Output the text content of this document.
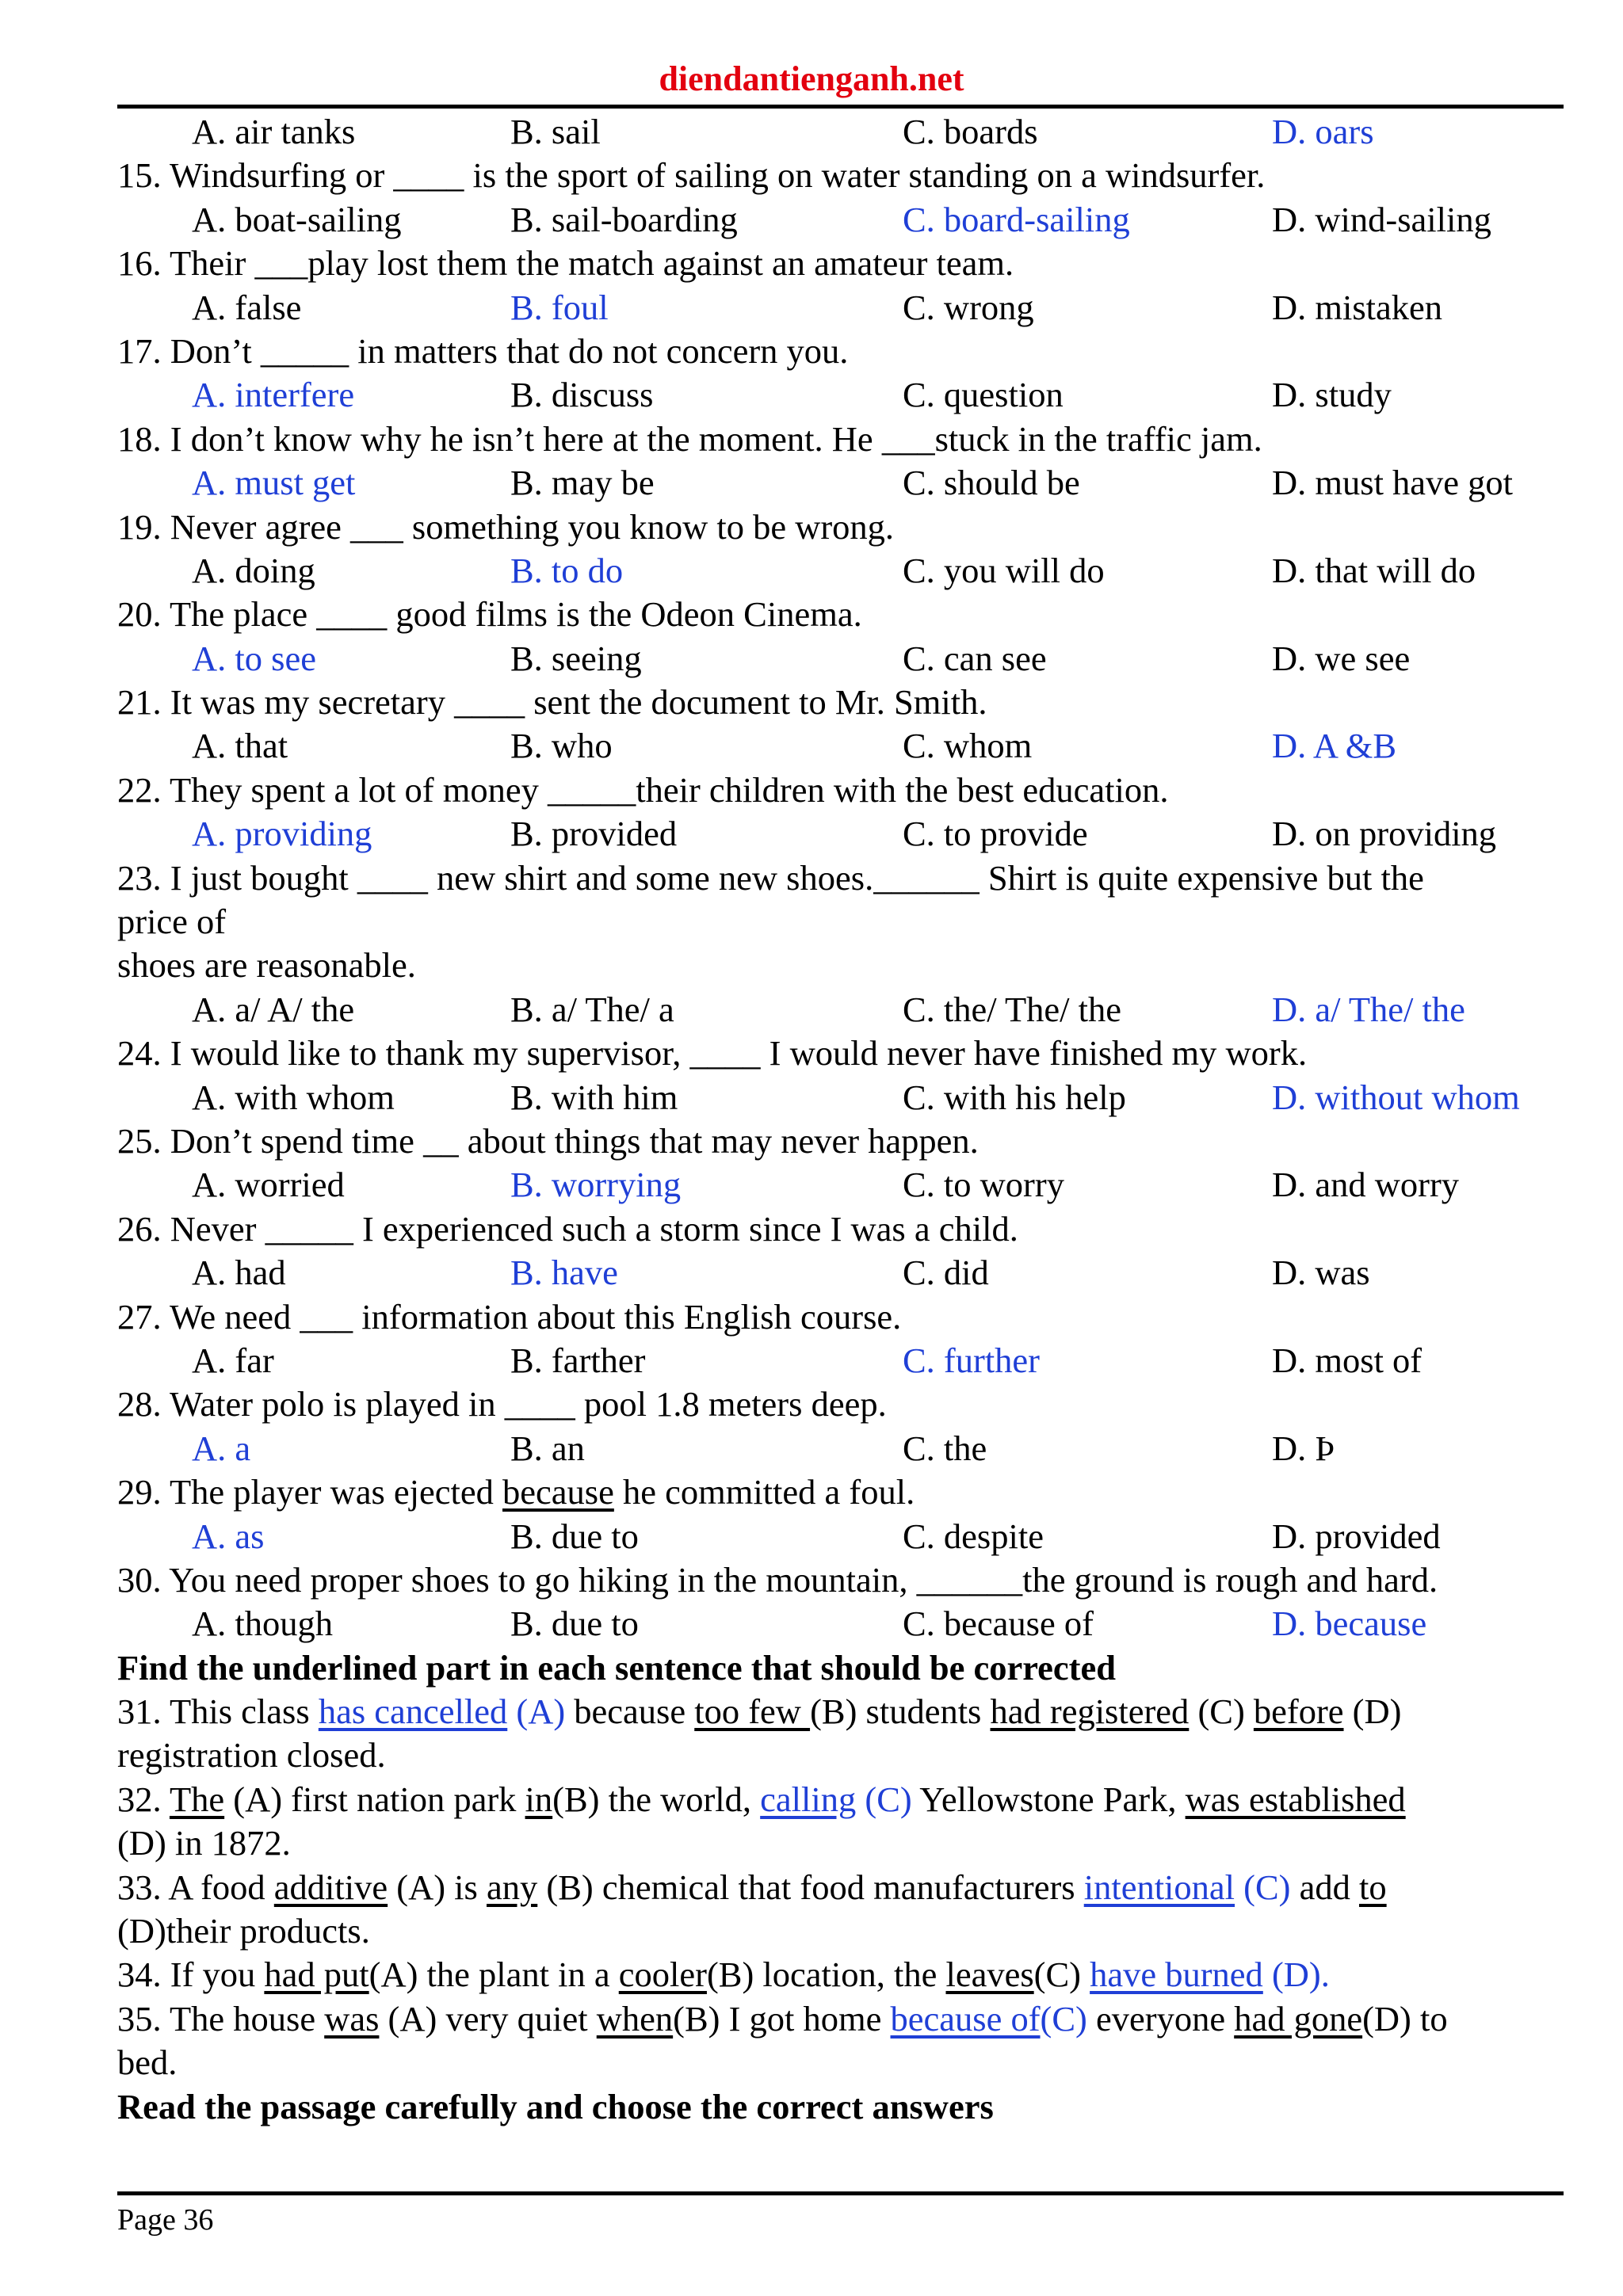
diendantienganh.net
A. air tanks	B. sail	C. boards	D. oars
15. Windsurfing or ____ is the sport of sailing on water standing on a windsurfer.
A. boat-sailing	B. sail-boarding	C. board-sailing	D. wind-sailing
16. Their ___play lost them the match against an amateur team.
A. false	B. foul	C. wrong	D. mistaken
17. Don’t _____ in matters that do not concern you.
A. interfere	B. discuss	C. question	D. study
18. I don’t know why he isn’t here at the moment. He ___stuck in the traffic jam.
A. must get	B. may be	C. should be	D. must have got
19. Never agree ___ something you know to be wrong.
A. doing	B. to do	C. you will do	D. that will do
20. The place ____ good films is the Odeon Cinema.
A. to see	B. seeing	C. can see	D. we see
21. It was my secretary ____ sent the document to Mr. Smith.
A. that	B. who	C. whom	D. A &B
22. They spent a lot of money _____their children with the best education.
A. providing	B. provided	C. to provide	D. on providing
23. I just bought ____ new shirt and some new shoes.______ Shirt is quite expensive but the
price of
shoes are reasonable.
A. a/ A/ the	B. a/ The/ a	C. the/ The/ the	D. a/ The/ the
24. I would like to thank my supervisor, ____ I would never have finished my work.
A. with whom	B. with him	C. with his help	D. without whom
25. Don’t spend time __ about things that may never happen.
A. worried	B. worrying	C. to worry	D. and worry
26. Never _____ I experienced such a storm since I was a child.
A. had	B. have	C. did	D. was
27. We need ___ information about this English course.
A. far	B. farther	C. further	D. most of
28. Water polo is played in ____ pool 1.8 meters deep.
A. a	B. an	C. the	D. Þ
29. The player was ejected because he committed a foul.
A. as	B. due to	C. despite	D. provided
30. You need proper shoes to go hiking in the mountain, ______the ground is rough and hard.
A. though	B. due to	C. because of	D. because
Find the underlined part in each sentence that should be corrected
31. This class has cancelled (A) because too few (B) students had registered (C) before (D)
registration closed.
32. The (A) first nation park in(B) the world, calling (C) Yellowstone Park, was established
(D) in 1872.
33. A food additive (A) is any (B) chemical that food manufacturers intentional (C) add to
(D)their products.
34. If you had put(A) the plant in a cooler(B) location, the leaves(C) have burned (D).
35. The house was (A) very quiet when(B) I got home because of(C) everyone had gone(D) to
bed.
Read the passage carefully and choose the correct answers
Page 36
